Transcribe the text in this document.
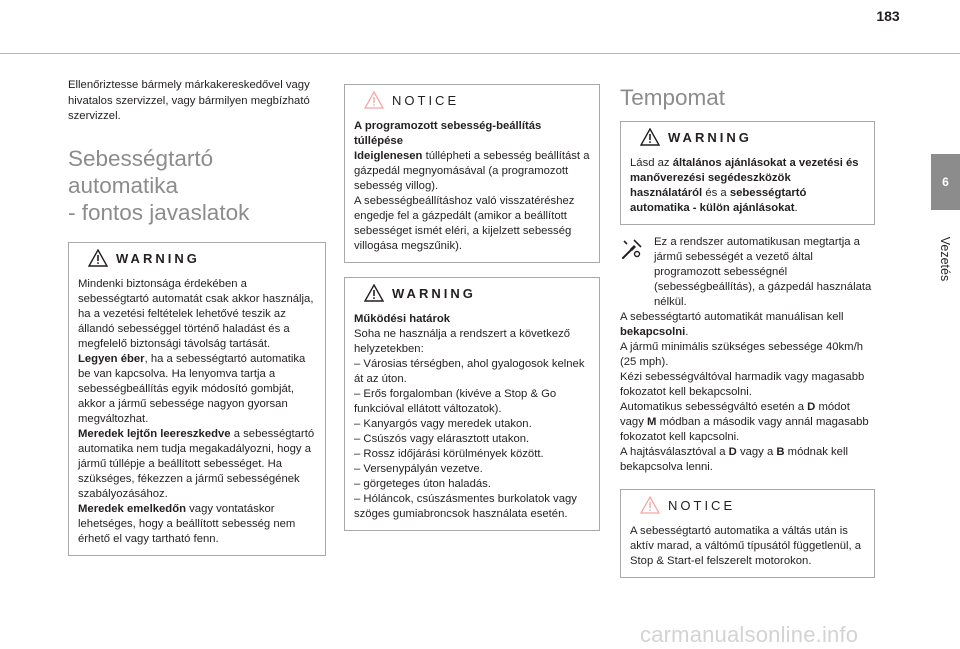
183
6
Vezetés

Ellenőriztesse bármely márkakereskedővel vagy hivatalos szervizzel, vagy bármilyen megbízható szervizzel.

Sebességtartó automatika
- fontos javaslatok
WARNING

Mindenki biztonsága érdekében a sebességtartó automatát csak akkor használja, ha a vezetési feltételek lehetővé teszik az állandó sebességgel történő haladást és a megfelelő biztonsági távolság tartását.

Legyen éber, ha a sebességtartó automatika be van kapcsolva. Ha lenyomva tartja a sebességbeállítás egyik módosító gombját, akkor a jármű sebessége nagyon gyorsan megváltozhat.

Meredek lejtőn leereszkedve a sebességtartó automatika nem tudja megakadályozni, hogy a jármű túllépje a beállított sebességet. Ha szükséges, fékezzen a jármű sebességének szabályozásához.

Meredek emelkedőn vagy vontatáskor lehetséges, hogy a beállított sebesség nem érhető el vagy tartható fenn.

NOTICE

A programozott sebesség-beállítás túllépése

Ideiglenesen túllépheti a sebesség beállítást a gázpedál megnyomásával (a programozott sebesség villog).

A sebességbeállításhoz való visszatéréshez engedje fel a gázpedált (amikor a beállított sebességet ismét eléri, a kijelzett sebesség villogása megszűnik).

WARNING

Működési határok

Soha ne használja a rendszert a következő helyzetekben:

– Városias térségben, ahol gyalogosok kelnek át az úton.

– Erős forgalomban (kivéve a Stop & Go funkcióval ellátott változatok).

– Kanyargós vagy meredek utakon.

– Csúszós vagy elárasztott utakon.

– Rossz időjárási körülmények között.

– Versenypályán vezetve.

– görgeteges úton haladás.

– Hóláncok, csúszásmentes burkolatok vagy szöges gumiabroncsok használata esetén.

Tempomat
WARNING

Lásd az általános ajánlásokat a vezetési és manőverezési segédeszközök használatáról és a sebességtartó automatika - külön ajánlásokat.

Ez a rendszer automatikusan megtartja a jármű sebességét a vezető által programozott sebességnél (sebességbeállítás), a gázpedál használata nélkül.

A sebességtartó automatikát manuálisan kell bekapcsolni.

A jármű minimális szükséges sebessége 40km/h (25 mph).

Kézi sebességváltóval harmadik vagy magasabb fokozatot kell bekapcsolni.

Automatikus sebességváltó esetén a D módot vagy M módban a második vagy annál magasabb fokozatot kell kapcsolni.

A hajtásválasztóval a D vagy a B módnak kell bekapcsolva lenni.

NOTICE

A sebességtartó automatika a váltás után is aktív marad, a váltómű típusától függetlenül, a Stop & Start-el felszerelt motorokon.

carmanualsonline.info
